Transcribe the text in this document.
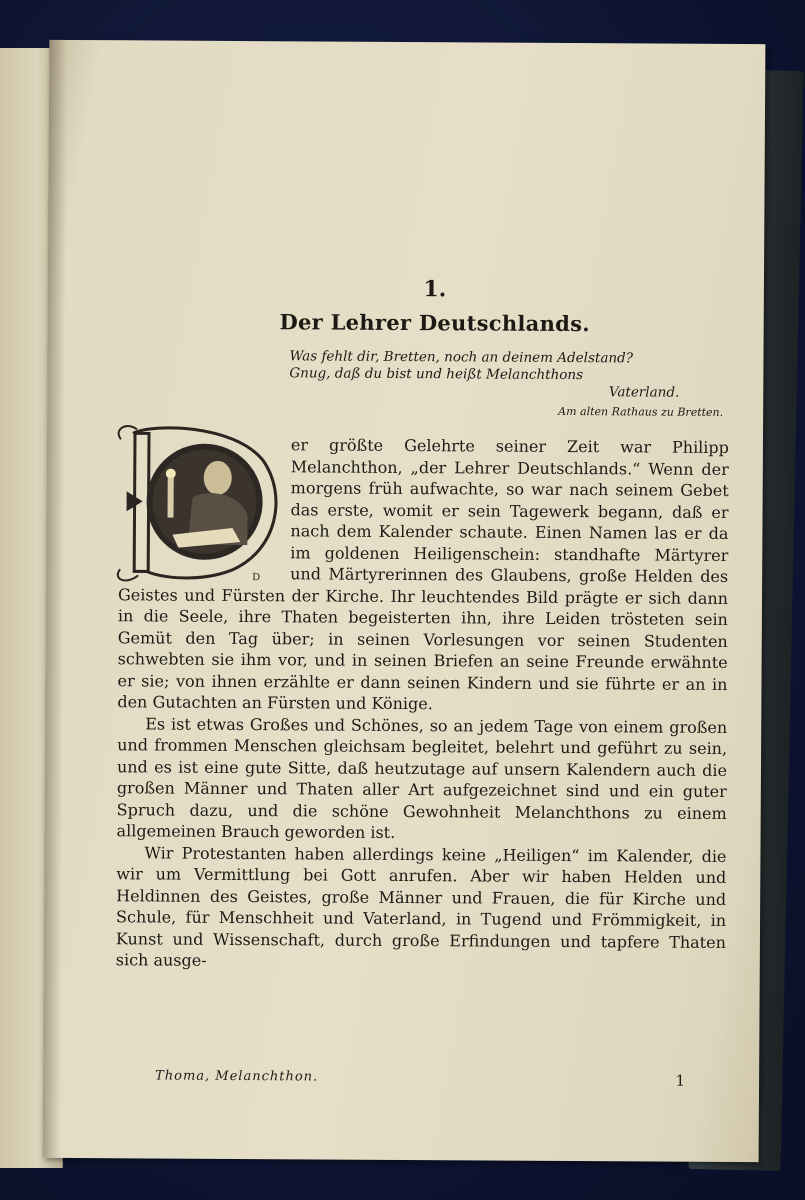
1.
Der Lehrer Deutschlands.
Was fehlt dir, Bretten, noch an deinem Adelstand?
Gnug, daß du bist und heißt Melanchthons
Vaterland.
Am alten Rathaus zu Bretten.
D

er größte Gelehrte seiner Zeit war Philipp Melanchthon, „der Lehrer Deutschlands.“ Wenn der morgens früh aufwachte, so war nach seinem Gebet das erste, womit er sein Tagewerk begann, daß er nach dem Kalender schaute. Einen Namen las er da im goldenen Heiligenschein: standhafte Märtyrer und Märtyrerinnen des Glaubens, große Helden des Geistes und Fürsten der Kirche. Ihr leuchtendes Bild prägte er sich dann in die Seele, ihre Thaten begeisterten ihn, ihre Leiden trösteten sein Gemüt den Tag über; in seinen Vorlesungen vor seinen Studenten schwebten sie ihm vor, und in seinen Briefen an seine Freunde erwähnte er sie; von ihnen erzählte er dann seinen Kindern und sie führte er an in den Gutachten an Fürsten und Könige.

Es ist etwas Großes und Schönes, so an jedem Tage von einem großen und frommen Menschen gleichsam begleitet, belehrt und geführt zu sein, und es ist eine gute Sitte, daß heutzutage auf unsern Kalendern auch die großen Männer und Thaten aller Art aufgezeichnet sind und ein guter Spruch dazu, und die schöne Gewohnheit Melanchthons zu einem allgemeinen Brauch geworden ist.

Wir Protestanten haben allerdings keine „Heiligen“ im Kalender, die wir um Vermittlung bei Gott anrufen. Aber wir haben Helden und Heldinnen des Geistes, große Männer und Frauen, die für Kirche und Schule, für Menschheit und Vaterland, in Tugend und Frömmigkeit, in Kunst und Wissenschaft, durch große Erfindungen und tapfere Thaten sich ausge-

Thoma, Melanchthon.	1
